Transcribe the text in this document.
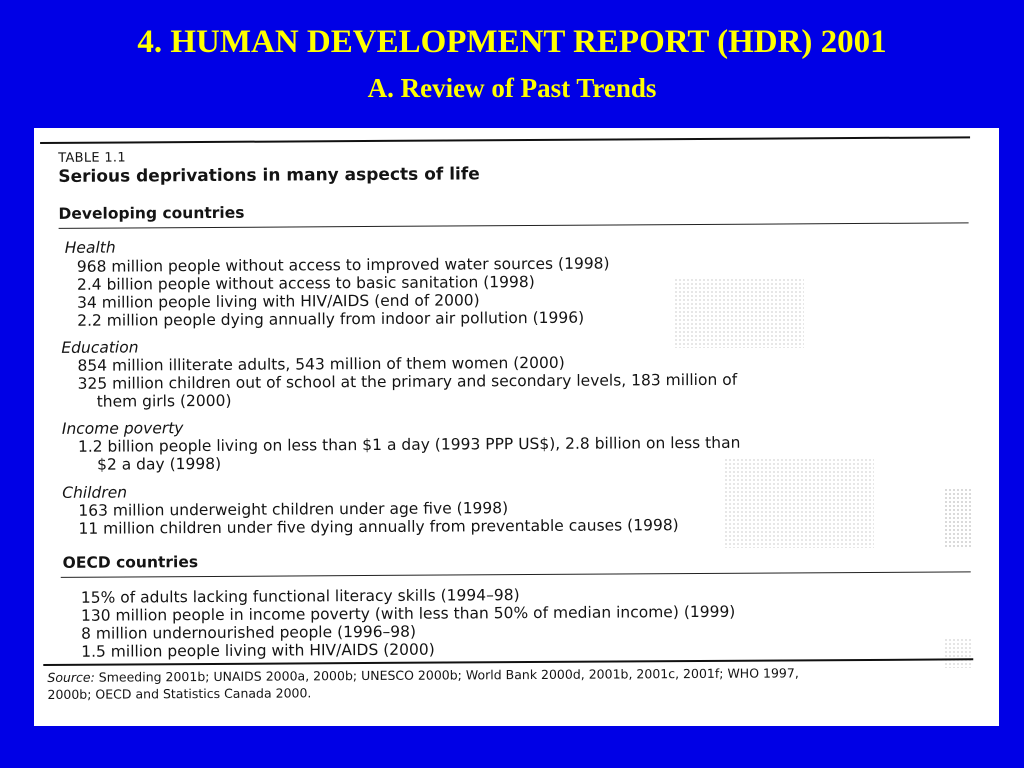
4. HUMAN DEVELOPMENT REPORT (HDR) 2001
A. Review of Past Trends
TABLE 1.1
Serious deprivations in many aspects of life
Developing countries
Health
968 million people without access to improved water sources (1998)
2.4 billion people without access to basic sanitation (1998)
34 million people living with HIV/AIDS (end of 2000)
2.2 million people dying annually from indoor air pollution (1996)
Education
854 million illiterate adults, 543 million of them women (2000)
325 million children out of school at the primary and secondary levels, 183 million of
them girls (2000)
Income poverty
1.2 billion people living on less than $1 a day (1993 PPP US$), 2.8 billion on less than
$2 a day (1998)
Children
163 million underweight children under age five (1998)
11 million children under five dying annually from preventable causes (1998)
OECD countries
15% of adults lacking functional literacy skills (1994–98)
130 million people in income poverty (with less than 50% of median income) (1999)
8 million undernourished people (1996–98)
1.5 million people living with HIV/AIDS (2000)
Source: Smeeding 2001b; UNAIDS 2000a, 2000b; UNESCO 2000b; World Bank 2000d, 2001b, 2001c, 2001f; WHO 1997,
2000b; OECD and Statistics Canada 2000.
